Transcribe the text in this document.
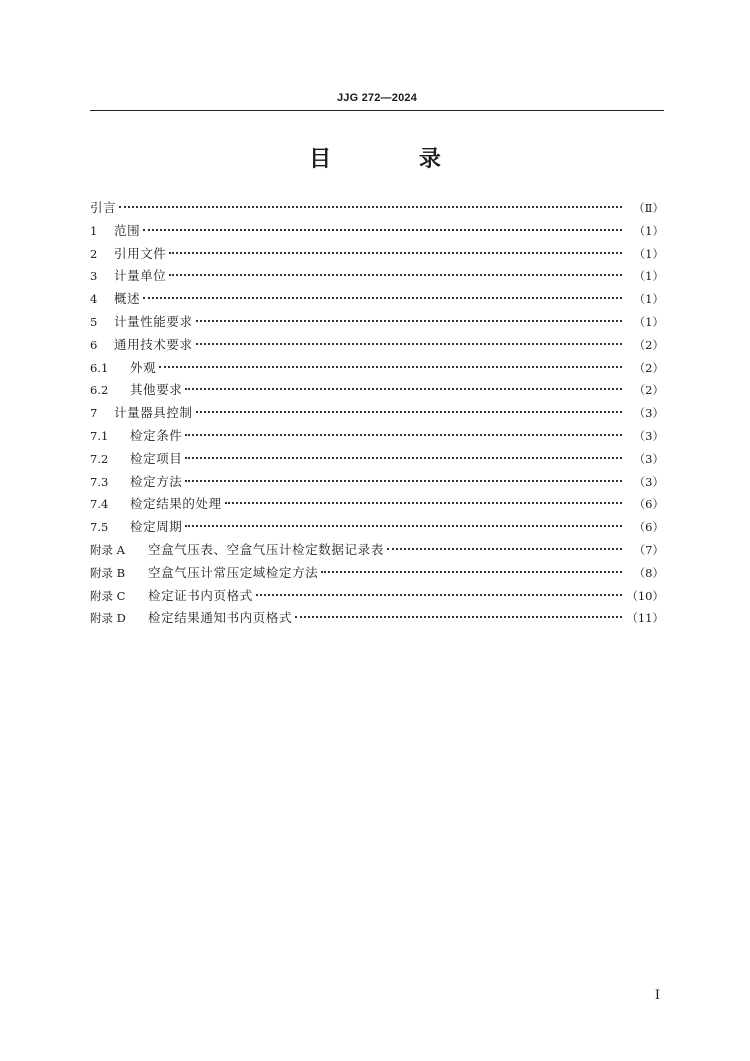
JJG 272—2024
目 录
引言	（Ⅱ）
1	范围	（1）
2	引用文件	（1）
3	计量单位	（1）
4	概述	（1）
5	计量性能要求	（1）
6	通用技术要求	（2）
6.1	外观	（2）
6.2	其他要求	（2）
7	计量器具控制	（3）
7.1	检定条件	（3）
7.2	检定项目	（3）
7.3	检定方法	（3）
7.4	检定结果的处理	（6）
7.5	检定周期	（6）
附录 A	空盒气压表、空盒气压计检定数据记录表	（7）
附录 B	空盒气压计常压定域检定方法	（8）
附录 C	检定证书内页格式	（10）
附录 D	检定结果通知书内页格式	（11）
I
